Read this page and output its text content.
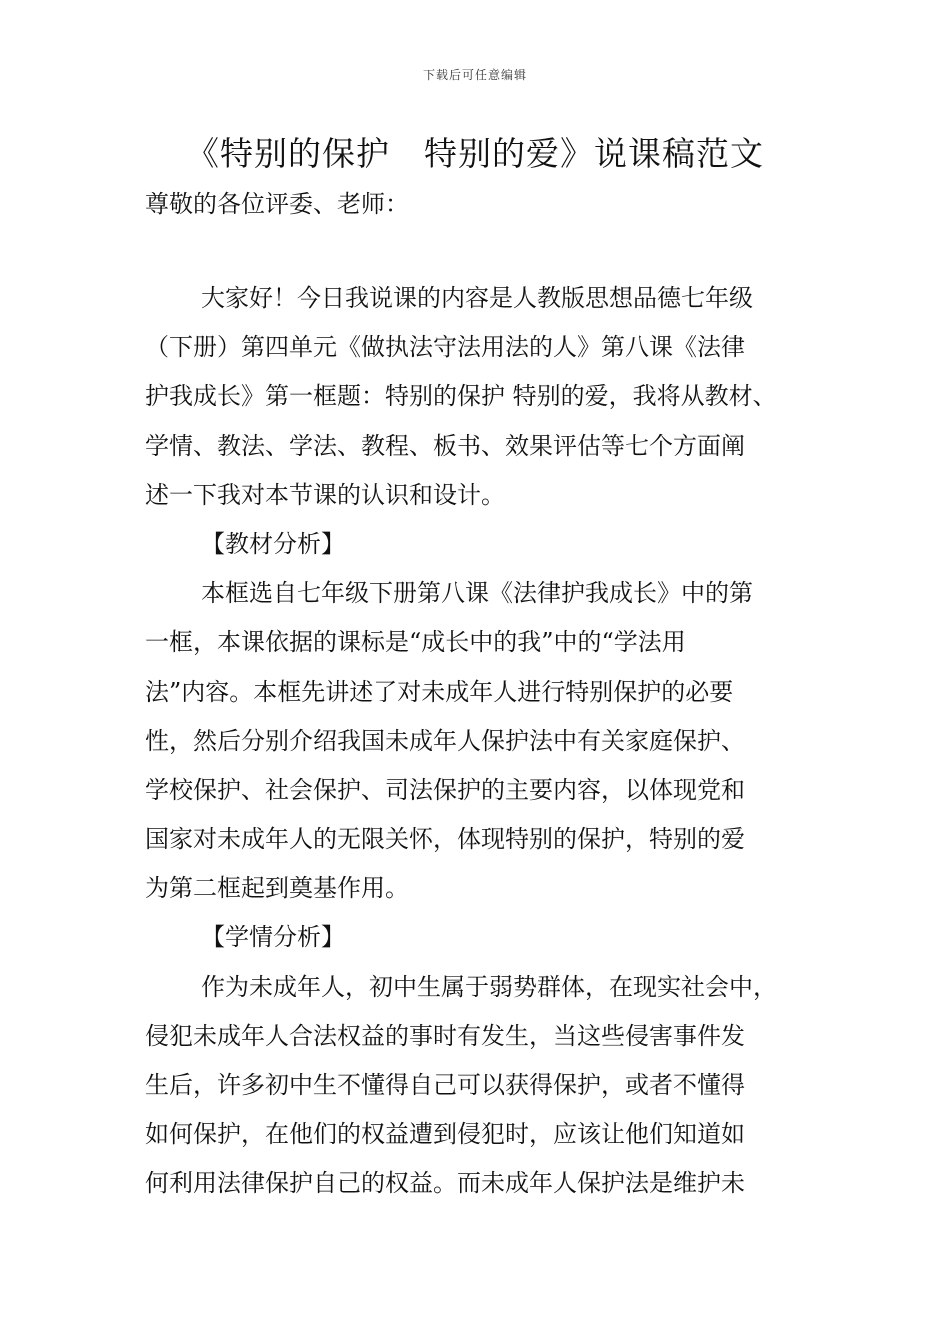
下载后可任意编辑
《特别的保护　特别的爱》说课稿范文
尊敬的各位评委、老师：
大家好！今日我说课的内容是人教版思想品德七年级
（下册）第四单元《做执法守法用法的人》第八课《法律
护我成长》第一框题：特别的保护 特别的爱，我将从教材、
学情、教法、学法、教程、板书、效果评估等七个方面阐
述一下我对本节课的认识和设计。
【教材分析】
本框选自七年级下册第八课《法律护我成长》中的第
一框，本课依据的课标是“成长中的我”中的“学法用
法”内容。本框先讲述了对未成年人进行特别保护的必要
性，然后分别介绍我国未成年人保护法中有关家庭保护、
学校保护、社会保护、司法保护的主要内容，以体现党和
国家对未成年人的无限关怀，体现特别的保护，特别的爱
为第二框起到奠基作用。
【学情分析】
作为未成年人，初中生属于弱势群体，在现实社会中，
侵犯未成年人合法权益的事时有发生，当这些侵害事件发
生后，许多初中生不懂得自己可以获得保护，或者不懂得
如何保护，在他们的权益遭到侵犯时，应该让他们知道如
何利用法律保护自己的权益。而未成年人保护法是维护未
